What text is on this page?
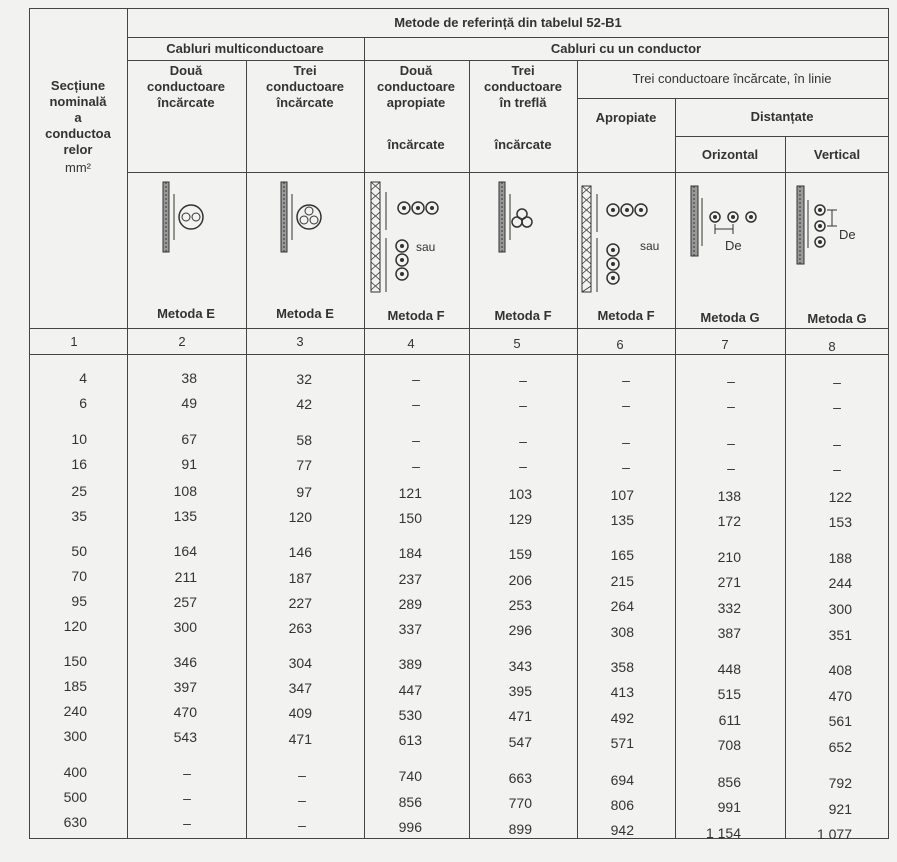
Metode de referință din tabelul 52-B1
Cabluri multiconductoare	Cabluri cu un conductor
Trei conductoare încărcate, în linie
Distanțate
Secțiune
nominală
a
conductoa
relor
mm²
Două
conductoare
încărcate
Trei
conductoare
încărcate
Două
conductoare
apropiate
încărcate
Trei
conductoare
în treflă
încărcate
Apropiate
Orizontal	Vertical
sau	sau	De
De
Metoda E	Metoda E	Metoda F	Metoda F	Metoda F	Metoda G	Metoda G
1	2	3	4	5	6	7	8
4	38	32	–	–	–	–	–
6	49	42	–	–	–	–	–
10	67	58	–	–	–	–	–
16	91	77	–	–	–	–	–
25	108	97	121	103	107	138	122
35	135	120	150	129	135	172	153
50	164	146	184	159	165	210	188
70	211	187	237	206	215	271	244
95	257	227	289	253	264	332	300
120	300	263	337	296	308	387	351
150	346	304	389	343	358	448	408
185	397	347	447	395	413	515	470
240	470	409	530	471	492	611	561
300	543	471	613	547	571	708	652
400	–	–	740	663	694	856	792
500	–	–	856	770	806	991	921
630	–	–	996	899	942	1 154	1 077
